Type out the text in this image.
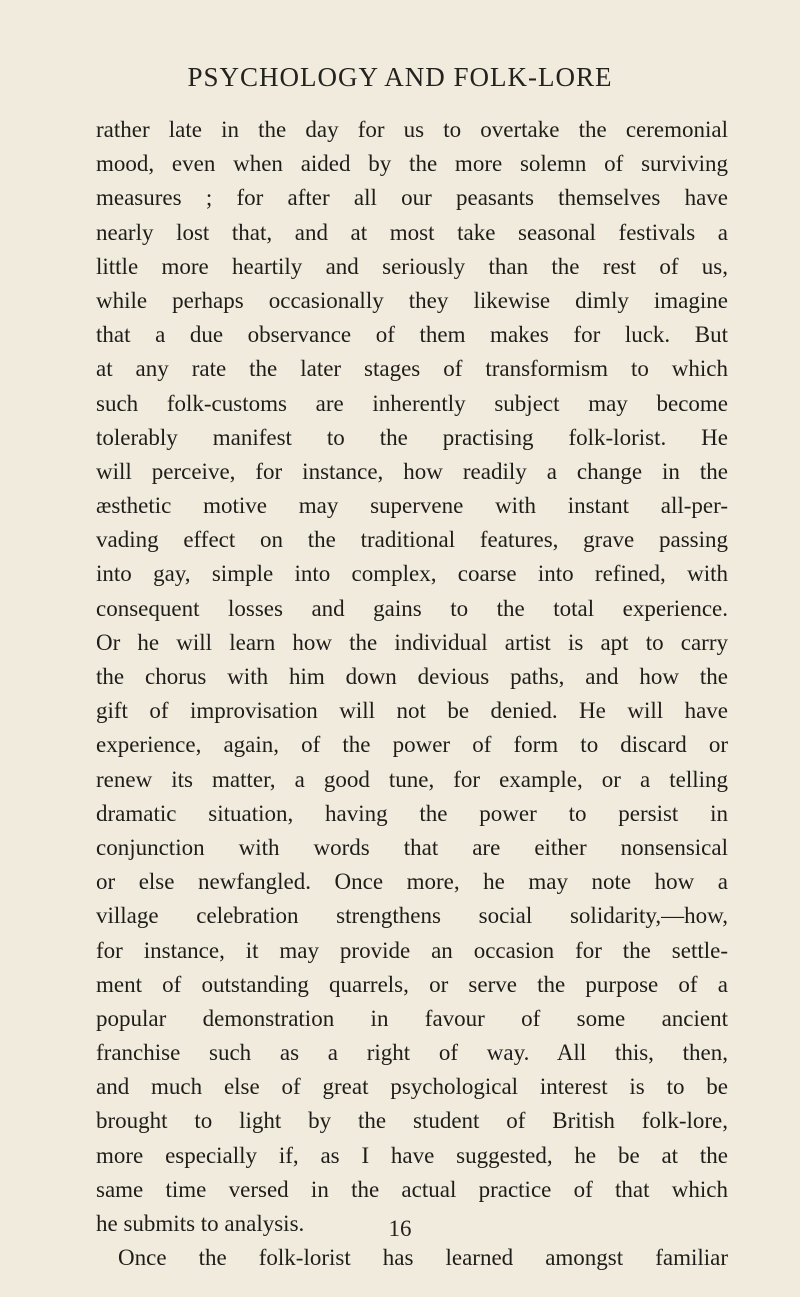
PSYCHOLOGY AND FOLK-LORE
rather late in the day for us to overtake the ceremonial
mood, even when aided by the more solemn of surviving
measures ; for after all our peasants themselves have
nearly lost that, and at most take seasonal festivals a
little more heartily and seriously than the rest of us,
while perhaps occasionally they likewise dimly imagine
that a due observance of them makes for luck. But
at any rate the later stages of transformism to which
such folk-customs are inherently subject may become
tolerably manifest to the practising folk-lorist. He
will perceive, for instance, how readily a change in the
æsthetic motive may supervene with instant all-per-
vading effect on the traditional features, grave passing
into gay, simple into complex, coarse into refined, with
consequent losses and gains to the total experience.
Or he will learn how the individual artist is apt to carry
the chorus with him down devious paths, and how the
gift of improvisation will not be denied. He will have
experience, again, of the power of form to discard or
renew its matter, a good tune, for example, or a telling
dramatic situation, having the power to persist in
conjunction with words that are either nonsensical
or else newfangled. Once more, he may note how a
village celebration strengthens social solidarity,—how,
for instance, it may provide an occasion for the settle-
ment of outstanding quarrels, or serve the purpose of a
popular demonstration in favour of some ancient
franchise such as a right of way. All this, then,
and much else of great psychological interest is to be
brought to light by the student of British folk-lore,
more especially if, as I have suggested, he be at the
same time versed in the actual practice of that which
he submits to analysis.
Once the folk-lorist has learned amongst familiar
16
